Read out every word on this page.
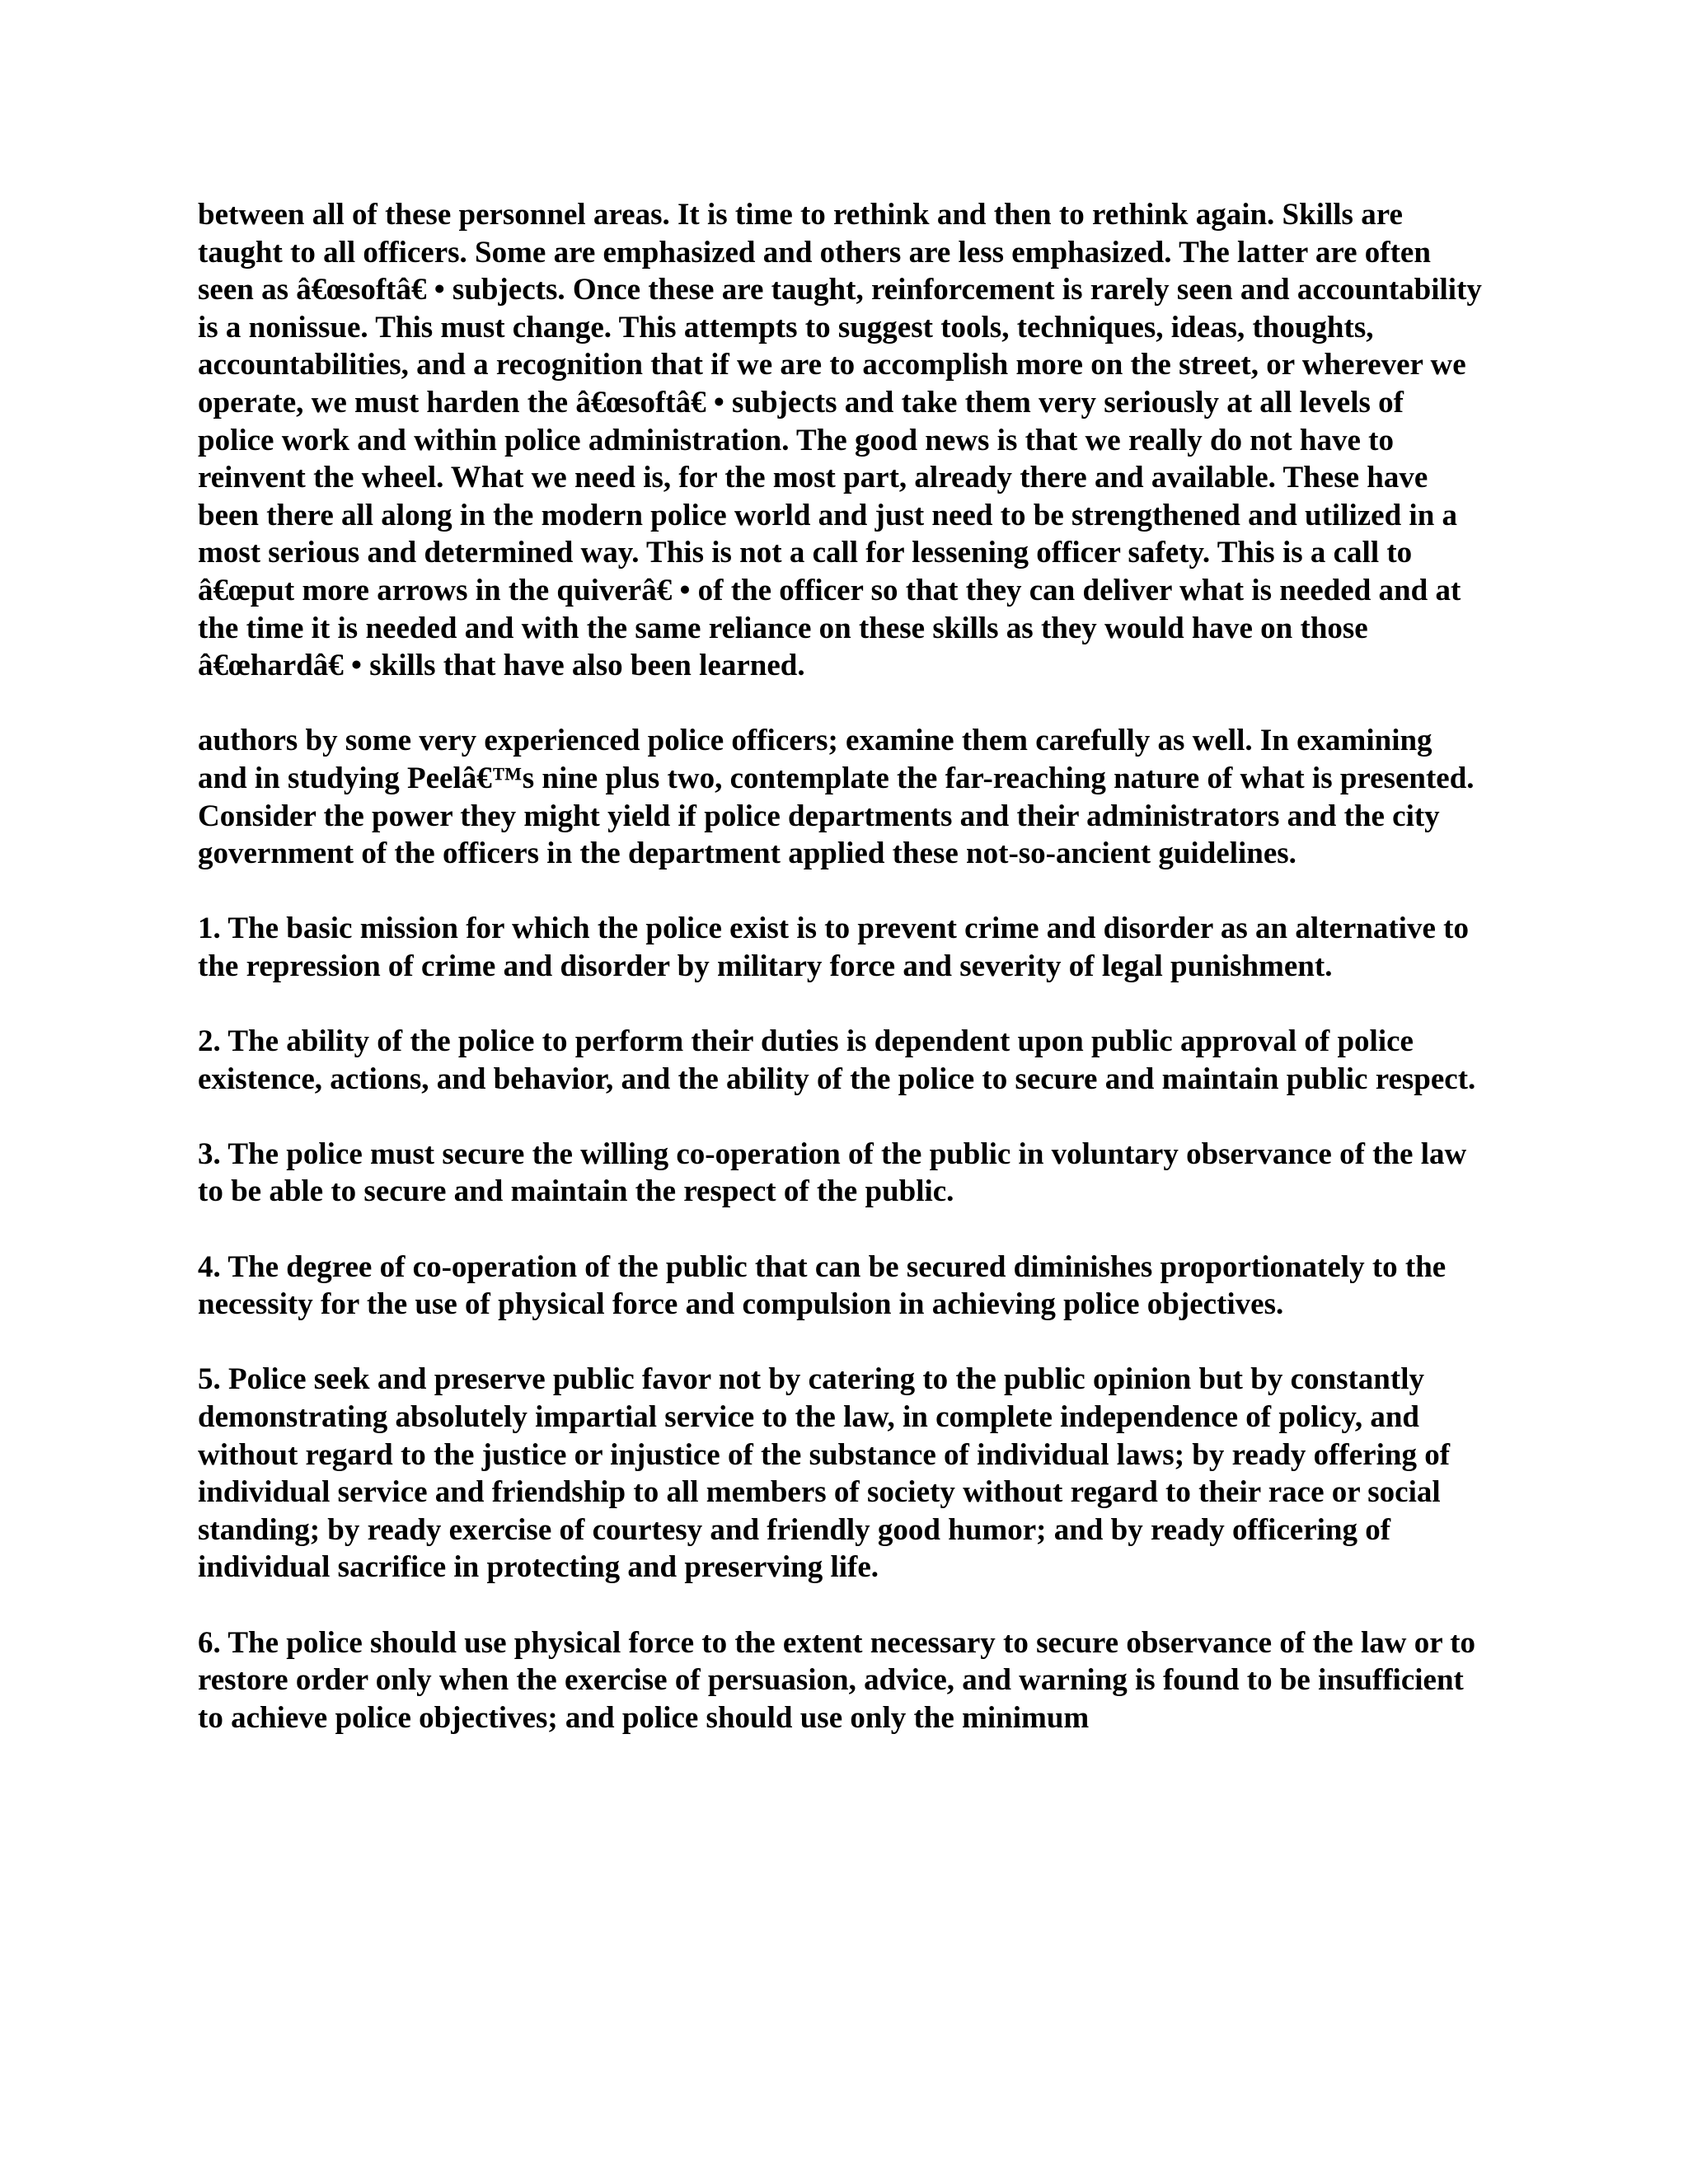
between all of these personnel areas. It is time to rethink and then to rethink again. Skills are taught to all officers. Some are emphasized and others are less emphasized. The latter are often seen as â€œsoftâ€ • subjects. Once these are taught, reinforcement is rarely seen and accountability is a nonissue. This must change. This attempts to suggest tools, techniques, ideas, thoughts, accountabilities, and a recognition that if we are to accomplish more on the street, or wherever we operate, we must harden the â€œsoftâ€ • subjects and take them very seriously at all levels of police work and within police administration. The good news is that we really do not have to reinvent the wheel. What we need is, for the most part, already there and available. These have been there all along in the modern police world and just need to be strengthened and utilized in a most serious and determined way. This is not a call for lessening officer safety. This is a call to â€œput more arrows in the quiverâ€ • of the officer so that they can deliver what is needed and at the time it is needed and with the same reliance on these skills as they would have on those â€œhardâ€ • skills that have also been learned.

authors by some very experienced police officers; examine them carefully as well. In examining and in studying Peelâ€™s nine plus two, contemplate the far-reaching nature of what is presented. Consider the power they might yield if police departments and their administrators and the city government of the officers in the department applied these not-so-ancient guidelines.

1. The basic mission for which the police exist is to prevent crime and disorder as an alternative to the repression of crime and disorder by military force and severity of legal punishment.

2. The ability of the police to perform their duties is dependent upon public approval of police existence, actions, and behavior, and the ability of the police to secure and maintain public respect.

3. The police must secure the willing co-operation of the public in voluntary observance of the law to be able to secure and maintain the respect of the public.

4. The degree of co-operation of the public that can be secured diminishes proportionately to the necessity for the use of physical force and compulsion in achieving police objectives.

5. Police seek and preserve public favor not by catering to the public opinion but by constantly demonstrating absolutely impartial service to the law, in complete independence of policy, and without regard to the justice or injustice of the substance of individual laws; by ready offering of individual service and friendship to all members of society without regard to their race or social standing; by ready exercise of courtesy and friendly good humor; and by ready officering of individual sacrifice in protecting and preserving life.

6. The police should use physical force to the extent necessary to secure observance of the law or to restore order only when the exercise of persuasion, advice, and warning is found to be insufficient to achieve police objectives; and police should use only the minimum
